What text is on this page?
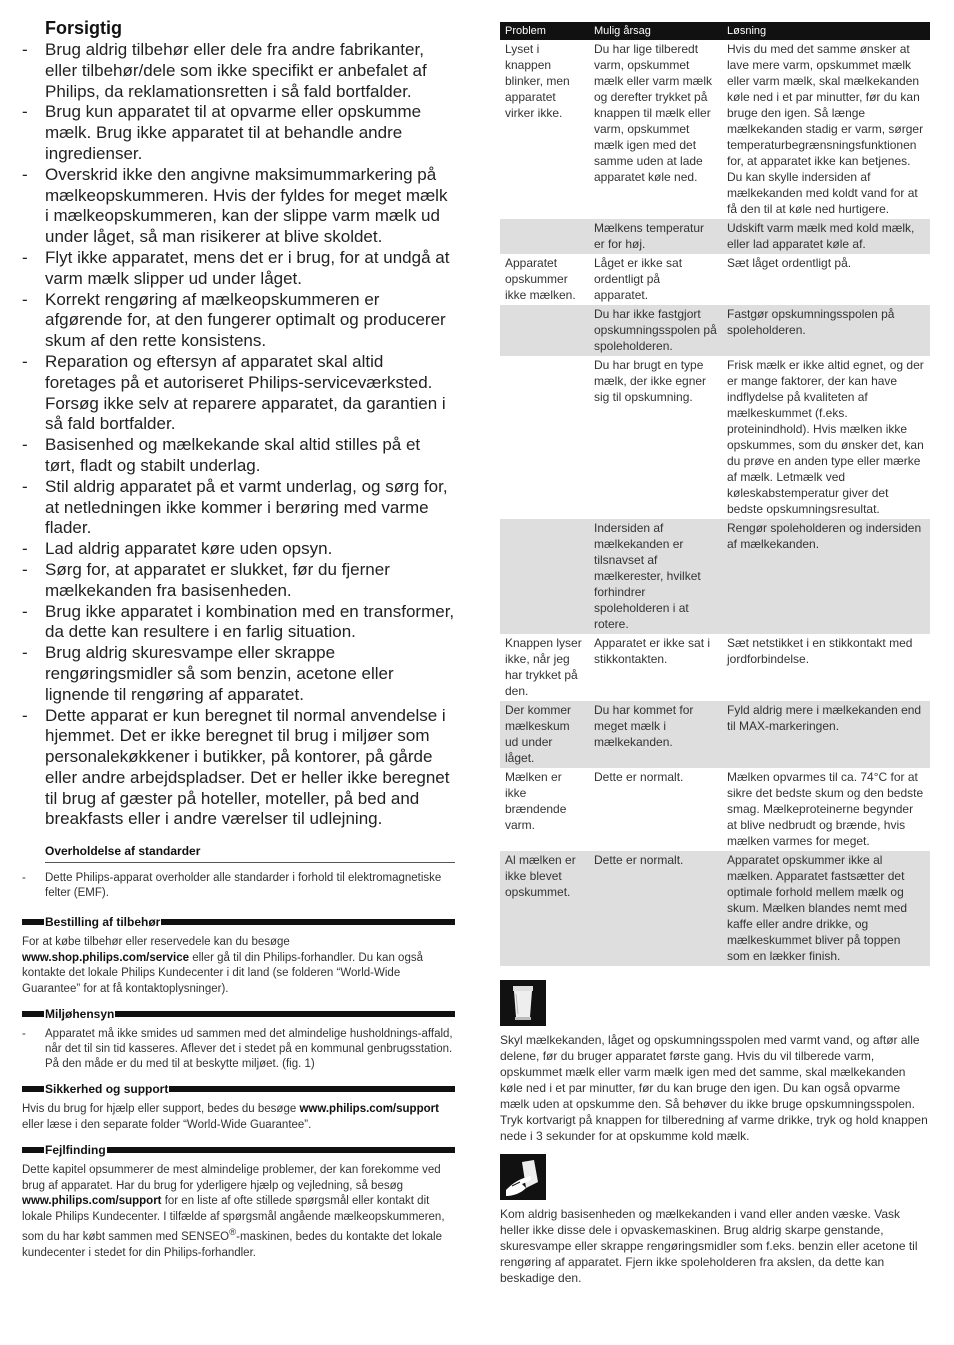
Forsigtig
- Brug aldrig tilbehør eller dele fra andre fabrikanter, eller tilbehør/dele som ikke specifikt er anbefalet af Philips, da reklamationsretten i så fald bortfalder.
- Brug kun apparatet til at opvarme eller opskumme mælk. Brug ikke apparatet til at behandle andre ingredienser.
- Overskrid ikke den angivne maksimummarkering på mælkeopskummeren. Hvis der fyldes for meget mælk i mælkeopskummeren, kan der slippe varm mælk ud under låget, så man risikerer at blive skoldet.
- Flyt ikke apparatet, mens det er i brug, for at undgå at varm mælk slipper ud under låget.
- Korrekt rengøring af mælkeopskummeren er afgørende for, at den fungerer optimalt og producerer skum af den rette konsistens.
- Reparation og eftersyn af apparatet skal altid foretages på et autoriseret Philips-serviceværksted. Forsøg ikke selv at reparere apparatet, da garantien i så fald bortfalder.
- Basisenhed og mælkekande skal altid stilles på et tørt, fladt og stabilt underlag.
- Stil aldrig apparatet på et varmt underlag, og sørg for, at netledningen ikke kommer i berøring med varme flader.
- Lad aldrig apparatet køre uden opsyn.
- Sørg for, at apparatet er slukket, før du fjerner mælkekanden fra basisenheden.
- Brug ikke apparatet i kombination med en transformer, da dette kan resultere i en farlig situation.
- Brug aldrig skuresvampe eller skrappe rengøringsmidler så som benzin, acetone eller lignende til rengøring af apparatet.
- Dette apparat er kun beregnet til normal anvendelse i hjemmet. Det er ikke beregnet til brug i miljøer som personalekøkkener i butikker, på kontorer, på gårde eller andre arbejdspladser. Det er heller ikke beregnet til brug af gæster på hoteller, moteller, på bed and breakfasts eller i andre værelser til udlejning.
Overholdelse af standarder
- Dette Philips-apparat overholder alle standarder i forhold til elektromagnetiske felter (EMF).
Bestilling af tilbehør
For at købe tilbehør eller reservedele kan du besøge www.shop.philips.com/service eller gå til din Philips-forhandler. Du kan også kontakte det lokale Philips Kundecenter i dit land (se folderen “World-Wide Guarantee” for at få kontaktoplysninger).
Miljøhensyn
- Apparatet må ikke smides ud sammen med det almindelige husholdnings-affald, når det til sin tid kasseres. Aflever det i stedet på en kommunal genbrugsstation. På den måde er du med til at beskytte miljøet. (fig. 1)
Sikkerhed og support
Hvis du brug for hjælp eller support, bedes du besøge www.philips.com/support eller læse i den separate folder “World-Wide Guarantee”.
Fejlfinding
Dette kapitel opsummerer de mest almindelige problemer, der kan forekomme ved brug af apparatet. Har du brug for yderligere hjælp og vejledning, så besøg www.philips.com/support for en liste af ofte stillede spørgsmål eller kontakt dit lokale Philips Kundecenter. I tilfælde af spørgsmål angående mælkeopskummeren, som du har købt sammen med SENSEO®-maskinen, bedes du kontakte det lokale kundecenter i stedet for din Philips-forhandler.
Problem	Mulig årsag	Løsning
Lyset i knappen blinker, men apparatet virker ikke.	Du har lige tilberedt varm, opskummet mælk eller varm mælk og derefter trykket på knappen til mælk eller varm, opskummet mælk igen med det samme uden at lade apparatet køle ned.	Hvis du med det samme ønsker at lave mere varm, opskummet mælk eller varm mælk, skal mælkekanden køle ned i et par minutter, før du kan bruge den igen. Så længe mælkekanden stadig er varm, sørger temperaturbegrænsningsfunktionen for, at apparatet ikke kan betjenes. Du kan skylle indersiden af mælkekanden med koldt vand for at få den til at køle ned hurtigere.
	Mælkens temperatur er for høj.	Udskift varm mælk med kold mælk, eller lad apparatet køle af.
Apparatet opskummer ikke mælken.	Låget er ikke sat ordentligt på apparatet.	Sæt låget ordentligt på.
	Du har ikke fastgjort opskumningsspolen på spoleholderen.	Fastgør opskumningsspolen på spoleholderen.
	Du har brugt en type mælk, der ikke egner sig til opskumning.	Frisk mælk er ikke altid egnet, og der er mange faktorer, der kan have indflydelse på kvaliteten af mælkeskummet (f.eks. proteinindhold). Hvis mælken ikke opskummes, som du ønsker det, kan du prøve en anden type eller mærke af mælk. Letmælk ved køleskabstemperatur giver det bedste opskumningsresultat.
	Indersiden af mælkekanden er tilsnavset af mælkerester, hvilket forhindrer spoleholderen i at rotere.	Rengør spoleholderen og indersiden af mælkekanden.
Knappen lyser ikke, når jeg har trykket på den.	Apparatet er ikke sat i stikkontakten.	Sæt netstikket i en stikkontakt med jordforbindelse.
Der kommer mælkeskum ud under låget.	Du har kommet for meget mælk i mælkekanden.	Fyld aldrig mere i mælkekanden end til MAX-markeringen.
Mælken er ikke brændende varm.	Dette er normalt.	Mælken opvarmes til ca. 74°C for at sikre det bedste skum og den bedste smag. Mælkeproteinerne begynder at blive nedbrudt og brænde, hvis mælken varmes for meget.
Al mælken er ikke blevet opskummet.	Dette er normalt.	Apparatet opskummer ikke al mælken. Apparatet fastsætter det optimale forhold mellem mælk og skum. Mælken blandes nemt med kaffe eller andre drikke, og mælkeskummet bliver på toppen som en lækker finish.
Skyl mælkekanden, låget og opskumningsspolen med varmt vand, og aftør alle delene, før du bruger apparatet første gang. Hvis du vil tilberede varm, opskummet mælk eller varm mælk igen med det samme, skal mælkekanden køle ned i et par minutter, før du kan bruge den igen. Du kan også opvarme mælk uden at opskumme den. Så behøver du ikke bruge opskumningsspolen. Tryk kortvarigt på knappen for tilberedning af varme drikke, tryk og hold knappen nede i 3 sekunder for at opskumme kold mælk.
Kom aldrig basisenheden og mælkekanden i vand eller anden væske. Vask heller ikke disse dele i opvaskemaskinen. Brug aldrig skarpe genstande, skuresvampe eller skrappe rengøringsmidler som f.eks. benzin eller acetone til rengøring af apparatet. Fjern ikke spoleholderen fra akslen, da dette kan beskadige den.
